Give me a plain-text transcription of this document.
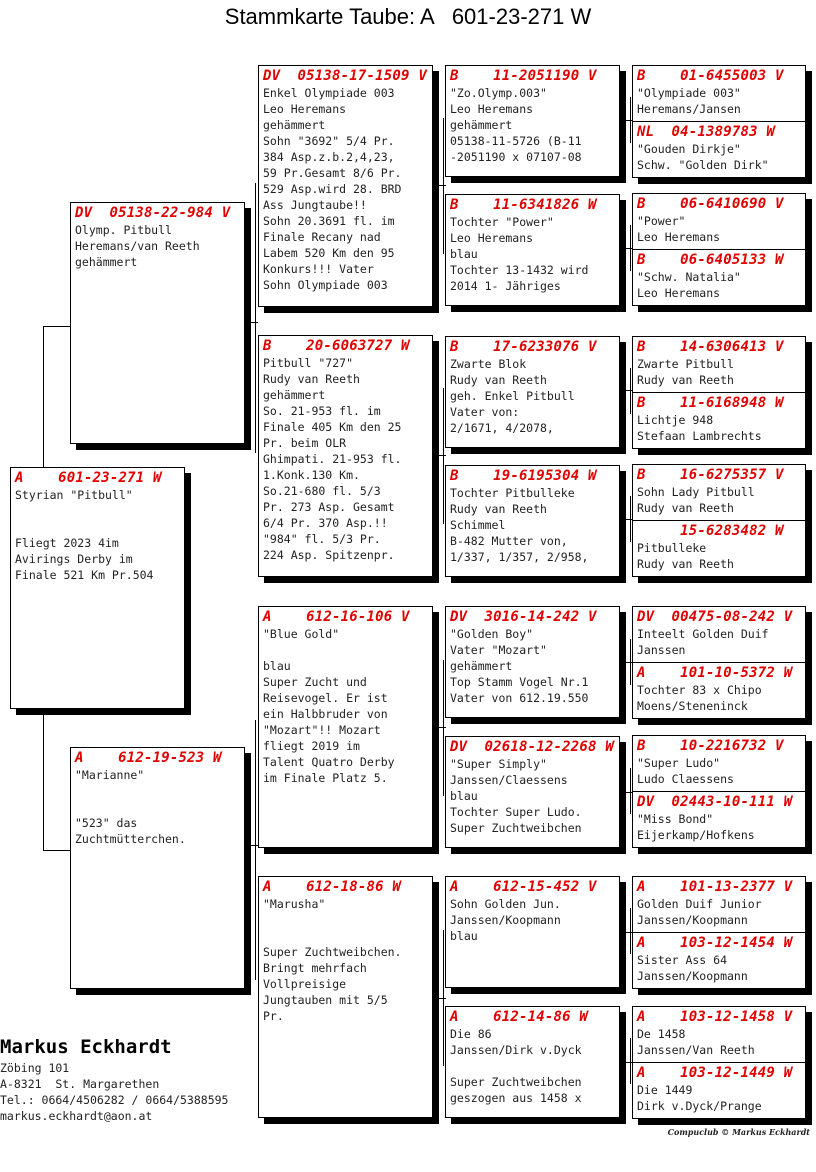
Stammkarte Taube: A   601-23-271 W
A    601-23-271 W
Styrian "Pitbull"

Fliegt 2023 4im
Avirings Derby im
Finale 521 Km Pr.504
DV  05138-22-984 V
Olymp. Pitbull
Heremans/van Reeth
gehämmert
A    612-19-523 W
"Marianne"

"523" das
Zuchtmütterchen.
DV  05138-17-1509 V
Enkel Olympiade 003
Leo Heremans
gehämmert
Sohn "3692" 5/4 Pr.
384 Asp.z.b.2,4,23,
59 Pr.Gesamt 8/6 Pr.
529 Asp.wird 28. BRD
Ass Jungtaube!!
Sohn 20.3691 fl. im
Finale Recany nad
Labem 520 Km den 95
Konkurs!!! Vater
Sohn Olympiade 003
B    20-6063727 W
Pitbull "727"
Rudy van Reeth
gehämmert
So. 21-953 fl. im
Finale 405 Km den 25
Pr. beim OLR
Ghimpati. 21-953 fl.
1.Konk.130 Km.
So.21-680 fl. 5/3
Pr. 273 Asp. Gesamt
6/4 Pr. 370 Asp.!!
"984" fl. 5/3 Pr.
224 Asp. Spitzenpr.
A    612-16-106 V
"Blue Gold"

blau
Super Zucht und
Reisevogel. Er ist
ein Halbbruder von
"Mozart"!! Mozart
fliegt 2019 im
Talent Quatro Derby
im Finale Platz 5.
A    612-18-86 W
"Marusha"

Super Zuchtweibchen.
Bringt mehrfach
Vollpreisige
Jungtauben mit 5/5
Pr.
B    11-2051190 V
"Zo.Olymp.003"
Leo Heremans
gehämmert
05138-11-5726 (B-11
-2051190 x 07107-08
B    11-6341826 W
Tochter "Power"
Leo Heremans
blau
Tochter 13-1432 wird
2014 1- Jähriges
B    17-6233076 V
Zwarte Blok
Rudy van Reeth
geh. Enkel Pitbull
Vater von:
2/1671, 4/2078,
B    19-6195304 W
Tochter Pitbulleke
Rudy van Reeth
Schimmel
B-482 Mutter von,
1/337, 1/357, 2/958,
DV  3016-14-242 V
"Golden Boy"
Vater "Mozart"
gehämmert
Top Stamm Vogel Nr.1
Vater von 612.19.550
DV  02618-12-2268 W
"Super Simply"
Janssen/Claessens
blau
Tochter Super Ludo.
Super Zuchtweibchen
A    612-15-452 V
Sohn Golden Jun.
Janssen/Koopmann
blau
A    612-14-86 W
Die 86
Janssen/Dirk v.Dyck

Super Zuchtweibchen
geszogen aus 1458 x
B    01-6455003 V
"Olympiade 003"
Heremans/Jansen
NL  04-1389783 W
"Gouden Dirkje"
Schw. "Golden Dirk"
B    06-6410690 V
"Power"
Leo Heremans
B    06-6405133 W
"Schw. Natalia"
Leo Heremans
B    14-6306413 V
Zwarte Pitbull
Rudy van Reeth
B    11-6168948 W
Lichtje 948
Stefaan Lambrechts
B    16-6275357 V
Sohn Lady Pitbull
Rudy van Reeth
15-6283482 W
Pitbulleke
Rudy van Reeth
DV  00475-08-242 V
Inteelt Golden Duif
Janssen
A    101-10-5372 W
Tochter 83 x Chipo
Moens/Steneninck
B    10-2216732 V
"Super Ludo"
Ludo Claessens
DV  02443-10-111 W
"Miss Bond"
Eijerkamp/Hofkens
A    101-13-2377 V
Golden Duif Junior
Janssen/Koopmann
A    103-12-1454 W
Sister Ass 64
Janssen/Koopmann
A    103-12-1458 V
De 1458
Janssen/Van Reeth
A    103-12-1449 W
Die 1449
Dirk v.Dyck/Prange
Markus Eckhardt
Zöbing 101
A-8321  St. Margarethen
Tel.: 0664/4506282 / 0664/5388595
markus.eckhardt@aon.at
Compuclub © Markus Eckhardt
